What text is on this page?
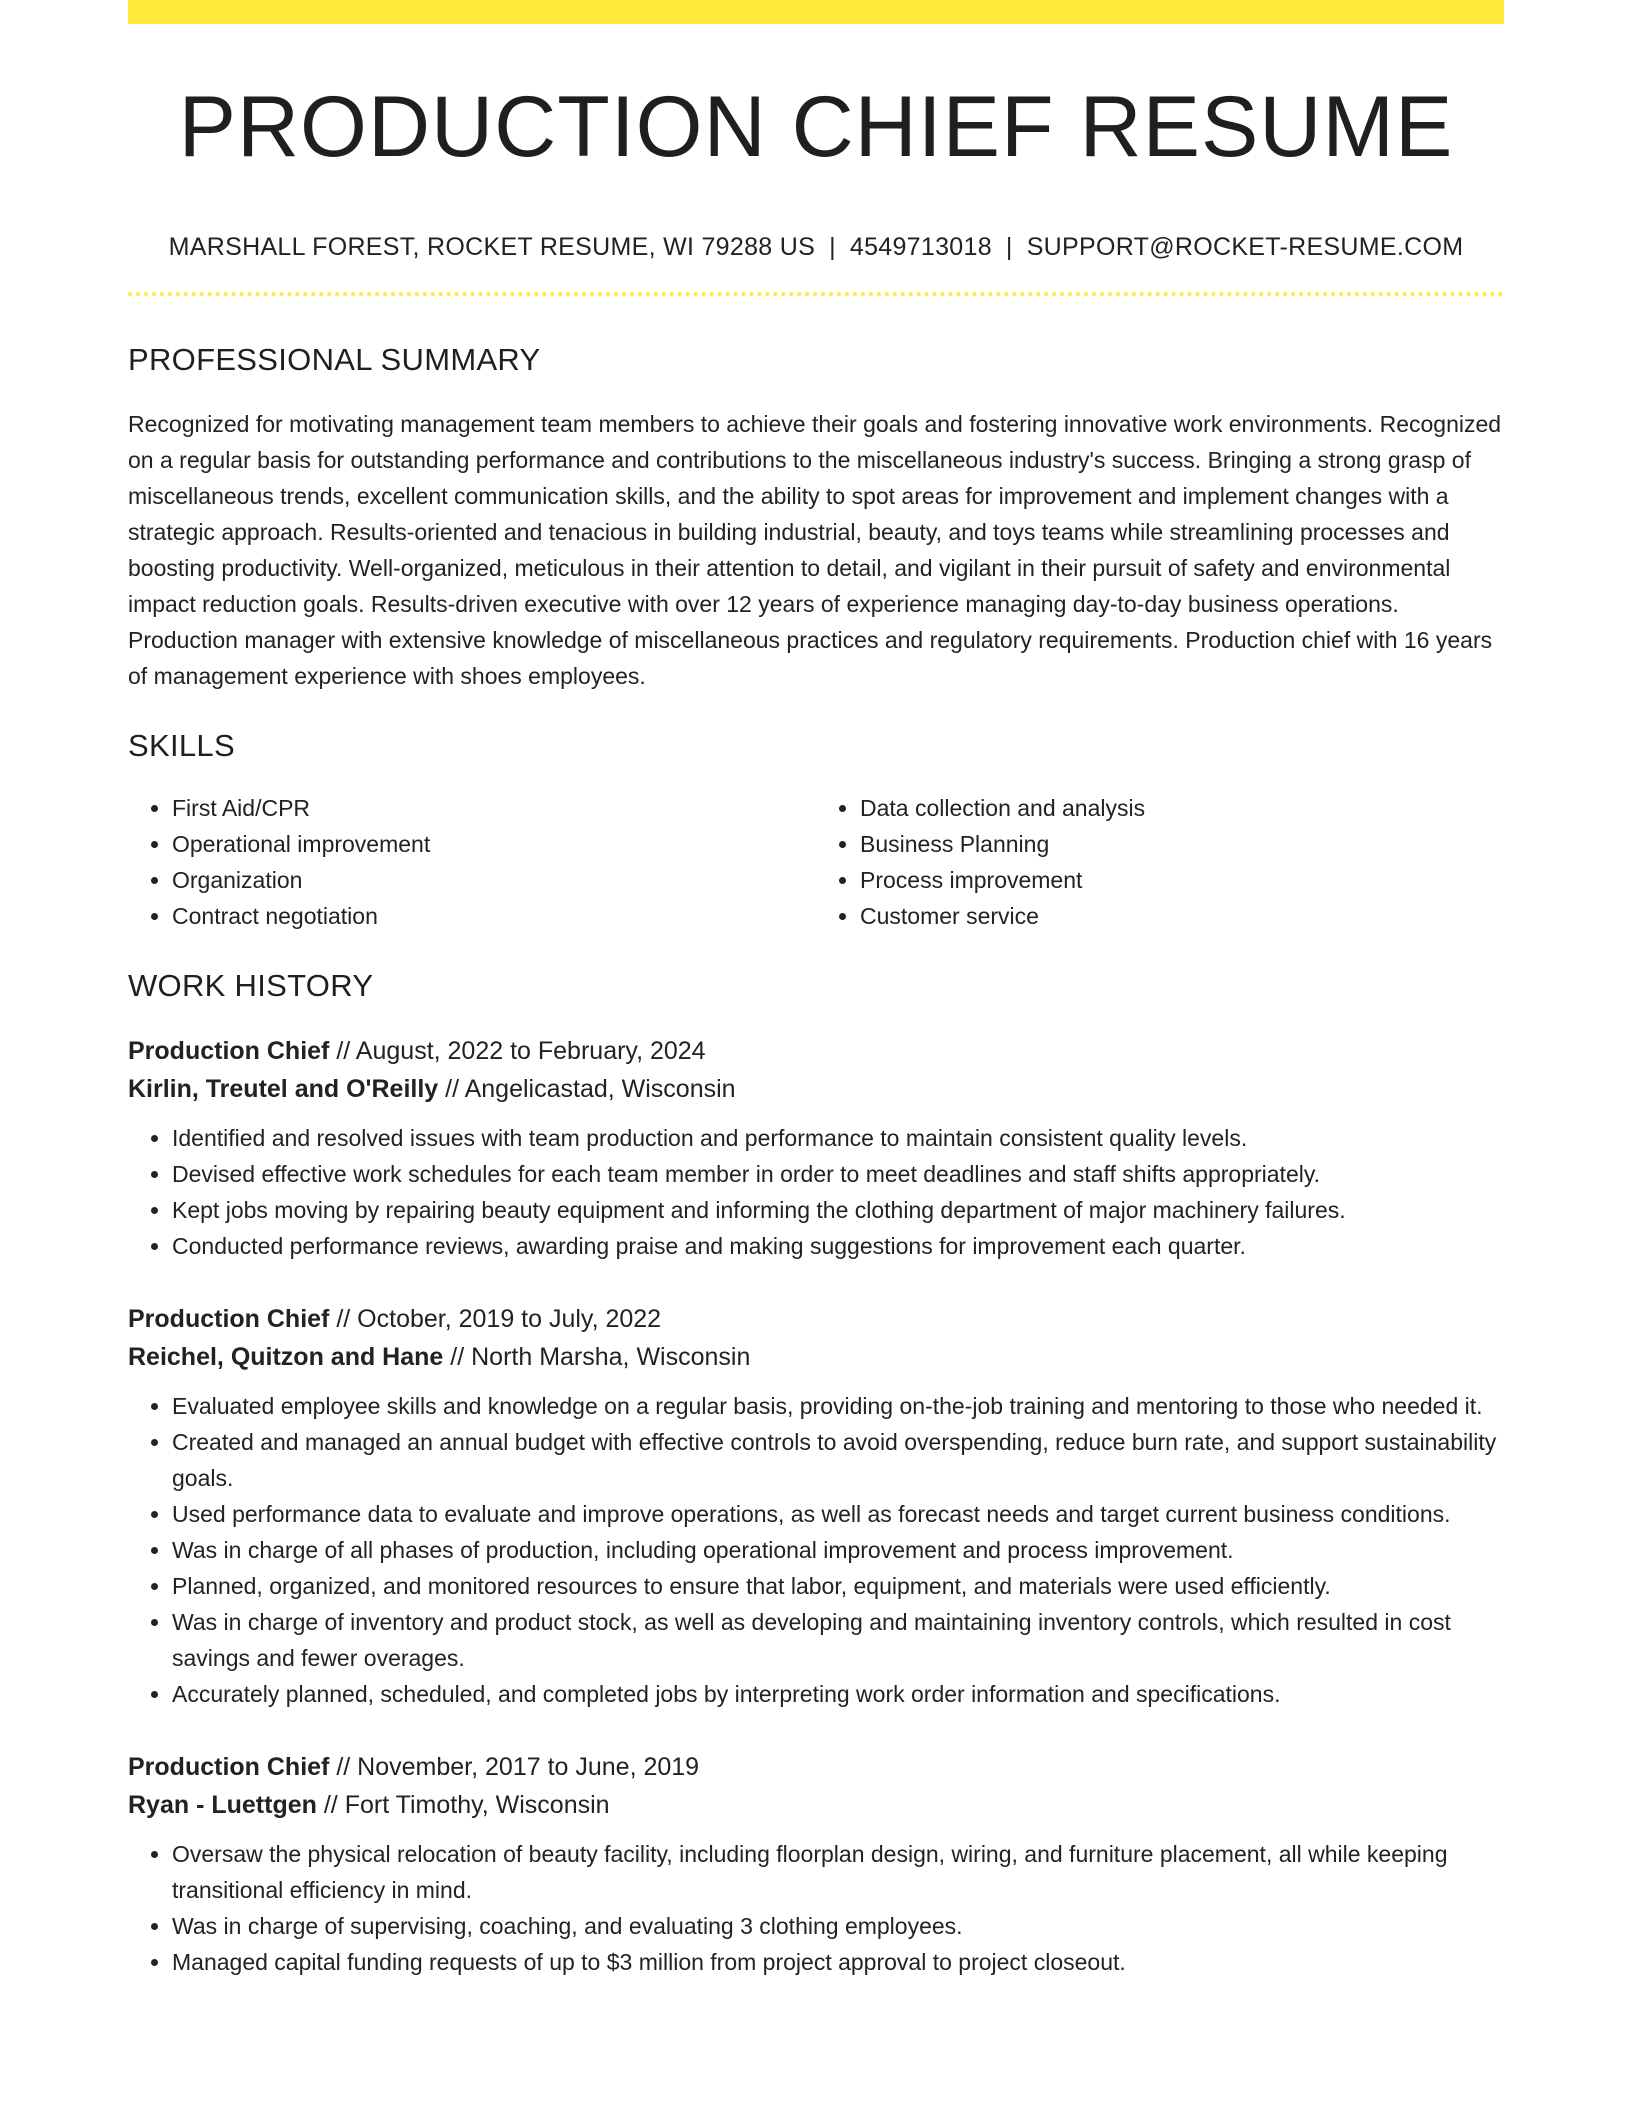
PRODUCTION CHIEF RESUME
MARSHALL FOREST, ROCKET RESUME, WI 79288 US | 4549713018 | SUPPORT@ROCKET-RESUME.COM
PROFESSIONAL SUMMARY

Recognized for motivating management team members to achieve their goals and fostering innovative work environments. Recognized on a regular basis for outstanding performance and contributions to the miscellaneous industry's success. Bringing a strong grasp of miscellaneous trends, excellent communication skills, and the ability to spot areas for improvement and implement changes with a strategic approach. Results-oriented and tenacious in building industrial, beauty, and toys teams while streamlining processes and boosting productivity. Well-organized, meticulous in their attention to detail, and vigilant in their pursuit of safety and environmental impact reduction goals. Results-driven executive with over 12 years of experience managing day-to-day business operations. Production manager with extensive knowledge of miscellaneous practices and regulatory requirements. Production chief with 16 years of management experience with shoes employees.

SKILLS
• First Aid/CPR
• Operational improvement
• Organization
• Contract negotiation
• Data collection and analysis
• Business Planning
• Process improvement
• Customer service
WORK HISTORY
Production Chief // August, 2022 to February, 2024
Kirlin, Treutel and O'Reilly // Angelicastad, Wisconsin
• Identified and resolved issues with team production and performance to maintain consistent quality levels.
• Devised effective work schedules for each team member in order to meet deadlines and staff shifts appropriately.
• Kept jobs moving by repairing beauty equipment and informing the clothing department of major machinery failures.
• Conducted performance reviews, awarding praise and making suggestions for improvement each quarter.
Production Chief // October, 2019 to July, 2022
Reichel, Quitzon and Hane // North Marsha, Wisconsin
• Evaluated employee skills and knowledge on a regular basis, providing on-the-job training and mentoring to those who needed it.
• Created and managed an annual budget with effective controls to avoid overspending, reduce burn rate, and support sustainability goals.
• Used performance data to evaluate and improve operations, as well as forecast needs and target current business conditions.
• Was in charge of all phases of production, including operational improvement and process improvement.
• Planned, organized, and monitored resources to ensure that labor, equipment, and materials were used efficiently.
• Was in charge of inventory and product stock, as well as developing and maintaining inventory controls, which resulted in cost savings and fewer overages.
• Accurately planned, scheduled, and completed jobs by interpreting work order information and specifications.
Production Chief // November, 2017 to June, 2019
Ryan - Luettgen // Fort Timothy, Wisconsin
• Oversaw the physical relocation of beauty facility, including floorplan design, wiring, and furniture placement, all while keeping transitional efficiency in mind.
• Was in charge of supervising, coaching, and evaluating 3 clothing employees.
• Managed capital funding requests of up to $3 million from project approval to project closeout.
